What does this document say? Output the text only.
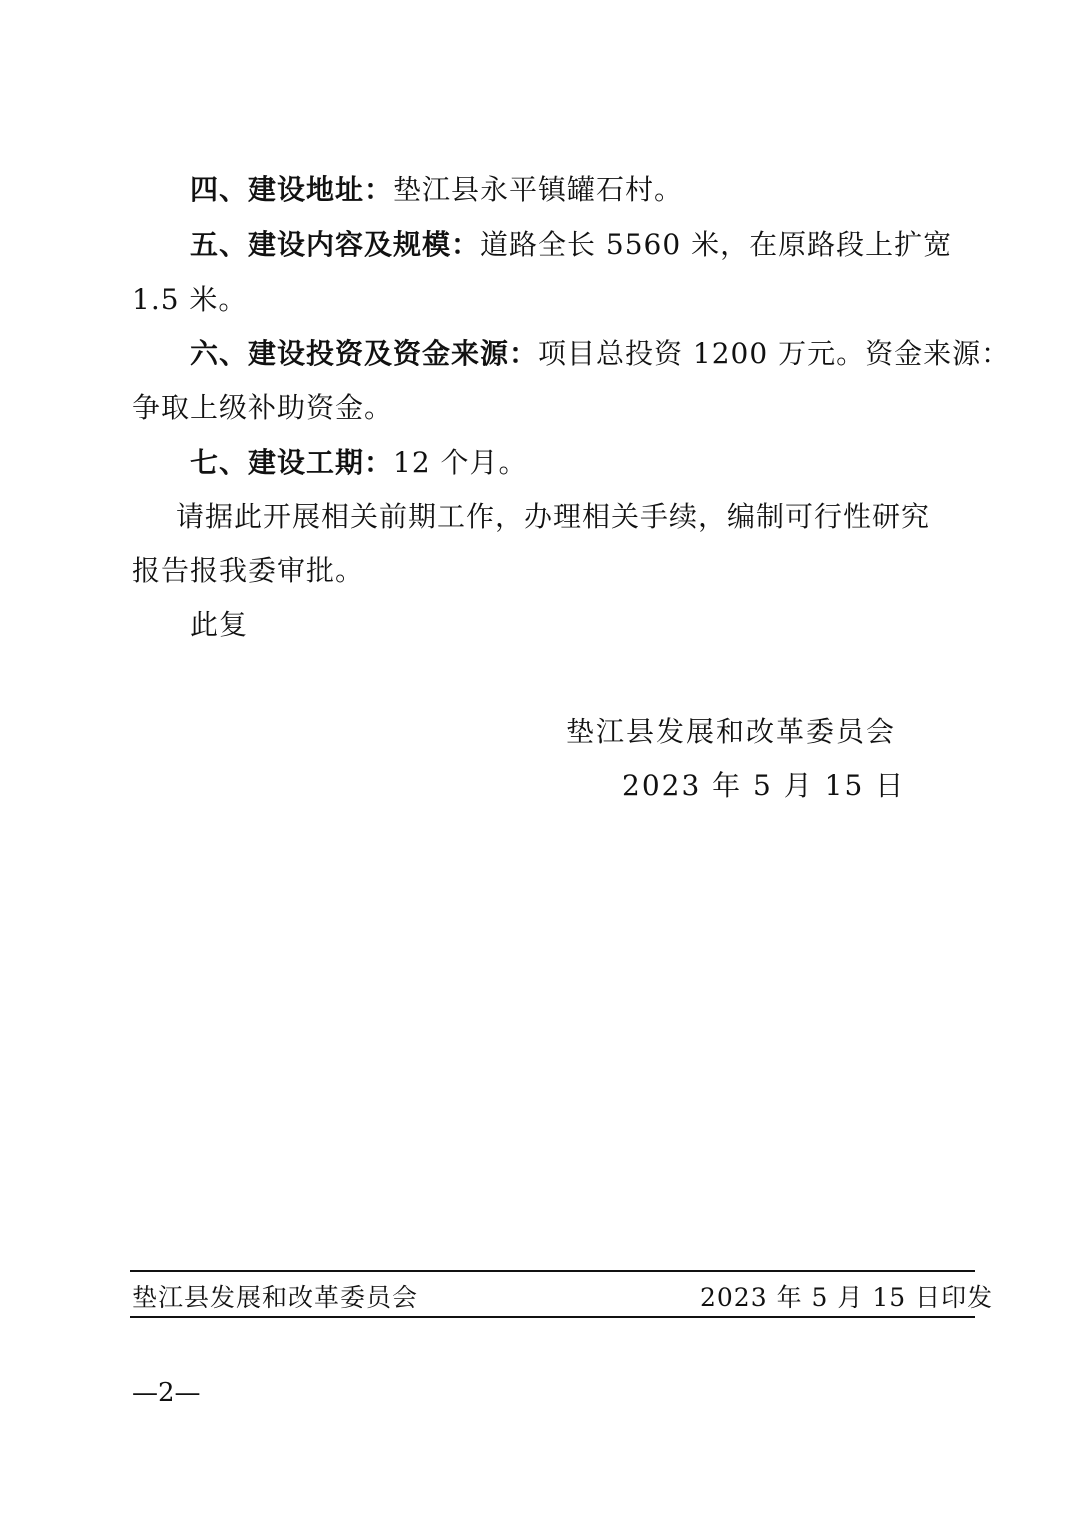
四、建设地址：垫江县永平镇罐石村。
五、建设内容及规模：道路全长 5560 米，在原路段上扩宽
1.5 米。
六、建设投资及资金来源：项目总投资 1200 万元。资金来源：
争取上级补助资金。
七、建设工期：12 个月。
请据此开展相关前期工作，办理相关手续，编制可行性研究
报告报我委审批。
此复
垫江县发展和改革委员会
2023 年 5 月 15 日
垫江县发展和改革委员会	2023 年 5 月 15 日印发
—2—
